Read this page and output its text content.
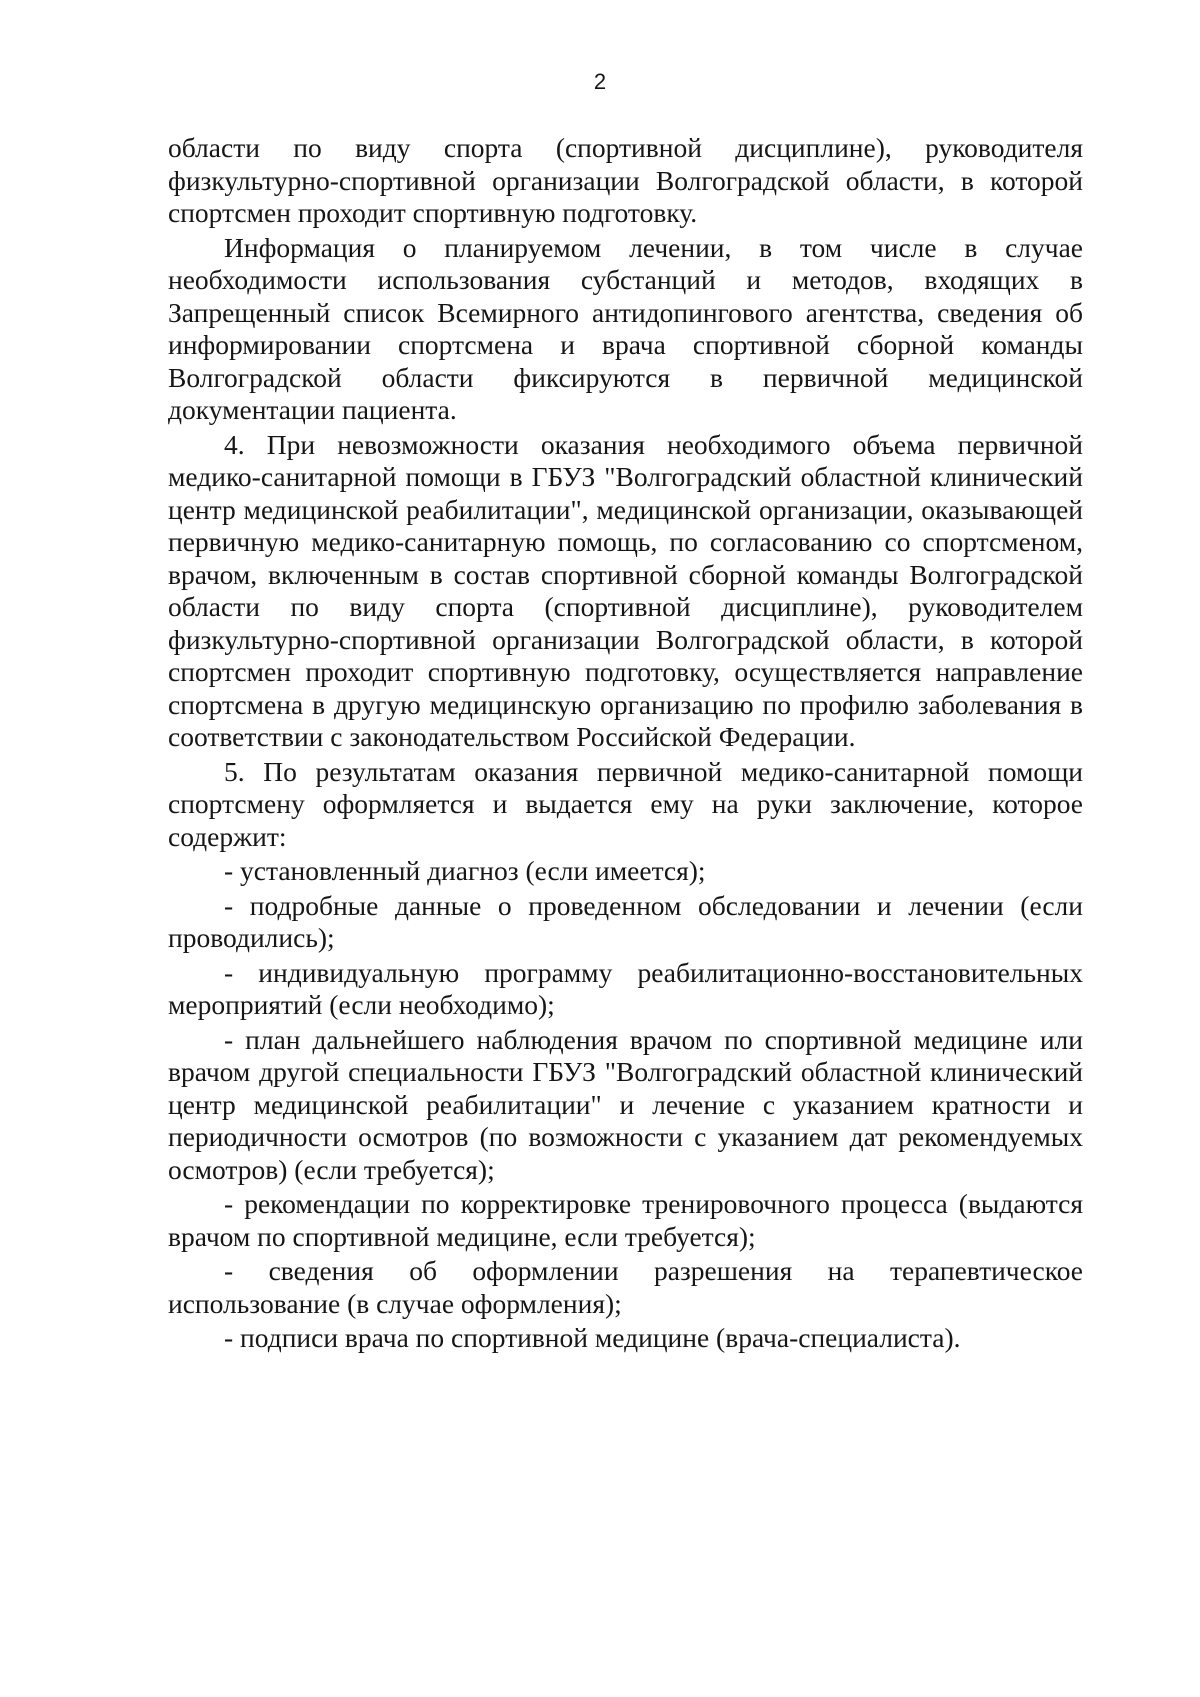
2

области по виду спорта (спортивной дисциплине), руководителя физкультурно-спортивной организации Волгоградской области, в которой спортсмен проходит спортивную подготовку.

Информация о планируемом лечении, в том числе в случае необходимости использования субстанций и методов, входящих в Запрещенный список Всемирного антидопингового агентства, сведения об информировании спортсмена и врача спортивной сборной команды Волгоградской области фиксируются в первичной медицинской документации пациента.

4. При невозможности оказания необходимого объема первичной медико-санитарной помощи в ГБУЗ "Волгоградский областной клинический центр медицинской реабилитации", медицинской организации, оказывающей первичную медико-санитарную помощь, по согласованию со спортсменом, врачом, включенным в состав спортивной сборной команды Волгоградской области по виду спорта (спортивной дисциплине), руководителем физкультурно-спортивной организации Волгоградской области, в которой спортсмен проходит спортивную подготовку, осуществляется направление спортсмена в другую медицинскую организацию по профилю заболевания в соответствии с законодательством Российской Федерации.

5. По результатам оказания первичной медико-санитарной помощи спортсмену оформляется и выдается ему на руки заключение, которое содержит:

- установленный диагноз (если имеется);

- подробные данные о проведенном обследовании и лечении (если проводились);

- индивидуальную программу реабилитационно-восстановительных мероприятий (если необходимо);

- план дальнейшего наблюдения врачом по спортивной медицине или врачом другой специальности ГБУЗ "Волгоградский областной клинический центр медицинской реабилитации" и лечение с указанием кратности и периодичности осмотров (по возможности с указанием дат рекомендуемых осмотров) (если требуется);

- рекомендации по корректировке тренировочного процесса (выдаются врачом по спортивной медицине, если требуется);

- сведения об оформлении разрешения на терапевтическое использование (в случае оформления);

- подписи врача по спортивной медицине (врача-специалиста).
